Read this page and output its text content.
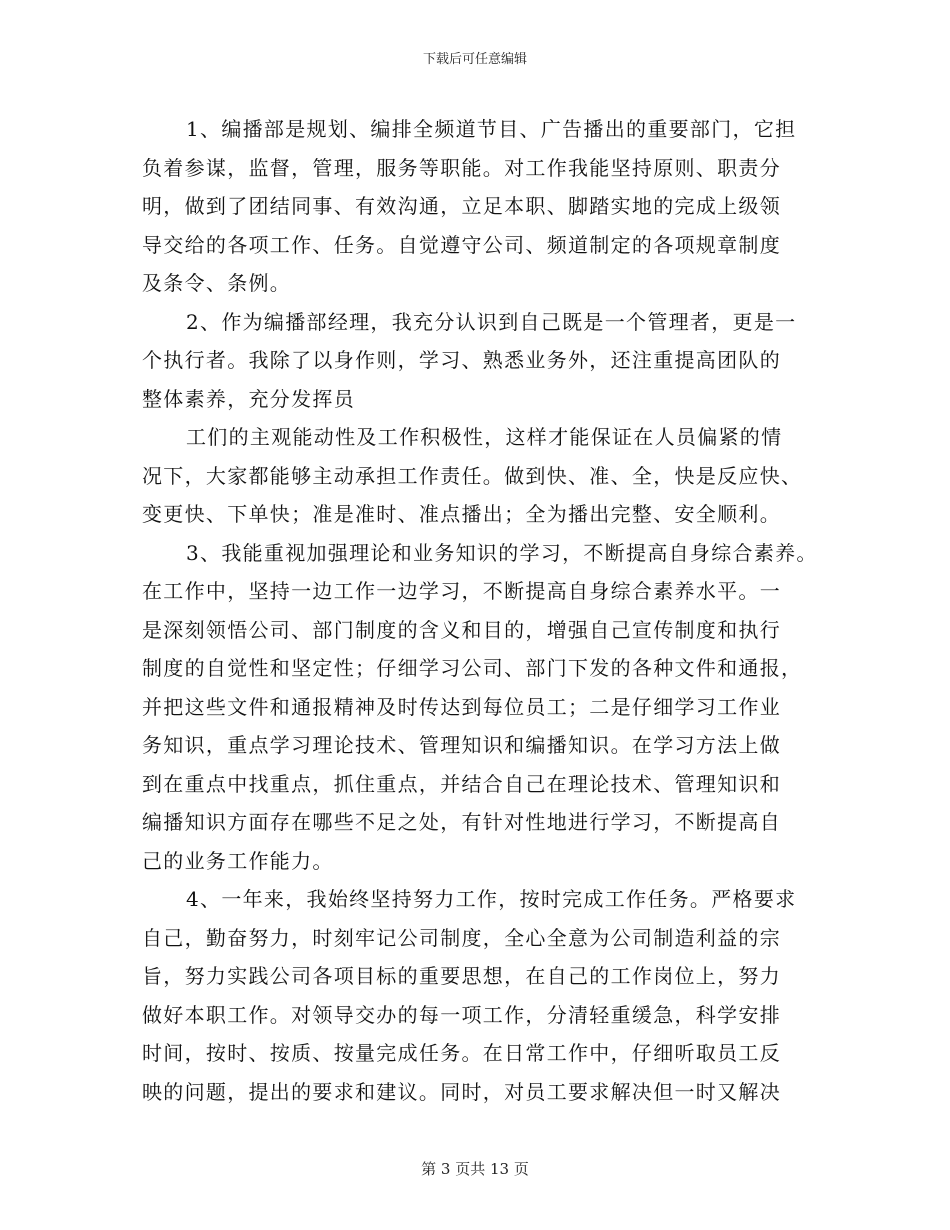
下载后可任意编辑
1、编播部是规划、编排全频道节目、广告播出的重要部门，它担
负着参谋，监督，管理，服务等职能。对工作我能坚持原则、职责分
明，做到了团结同事、有效沟通，立足本职、脚踏实地的完成上级领
导交给的各项工作、任务。自觉遵守公司、频道制定的各项规章制度
及条令、条例。
2、作为编播部经理，我充分认识到自己既是一个管理者，更是一
个执行者。我除了以身作则，学习、熟悉业务外，还注重提高团队的
整体素养，充分发挥员
工们的主观能动性及工作积极性，这样才能保证在人员偏紧的情
况下，大家都能够主动承担工作责任。做到快、准、全，快是反应快、
变更快、下单快；准是准时、准点播出；全为播出完整、安全顺利。
3、我能重视加强理论和业务知识的学习，不断提高自身综合素养。
在工作中，坚持一边工作一边学习，不断提高自身综合素养水平。一
是深刻领悟公司、部门制度的含义和目的，增强自己宣传制度和执行
制度的自觉性和坚定性；仔细学习公司、部门下发的各种文件和通报，
并把这些文件和通报精神及时传达到每位员工；二是仔细学习工作业
务知识，重点学习理论技术、管理知识和编播知识。在学习方法上做
到在重点中找重点，抓住重点，并结合自己在理论技术、管理知识和
编播知识方面存在哪些不足之处，有针对性地进行学习，不断提高自
己的业务工作能力。
4、一年来，我始终坚持努力工作，按时完成工作任务。严格要求
自己，勤奋努力，时刻牢记公司制度，全心全意为公司制造利益的宗
旨，努力实践公司各项目标的重要思想，在自己的工作岗位上，努力
做好本职工作。对领导交办的每一项工作，分清轻重缓急，科学安排
时间，按时、按质、按量完成任务。在日常工作中，仔细听取员工反
映的问题，提出的要求和建议。同时，对员工要求解决但一时又解决
第 3 页共 13 页
